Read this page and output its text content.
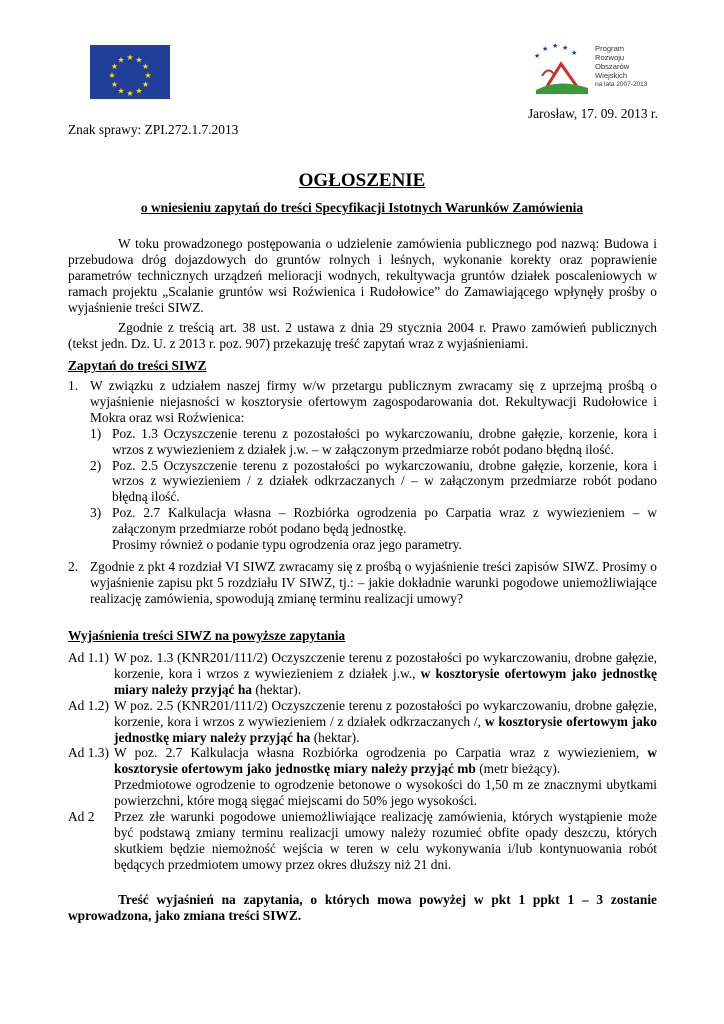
★ ★
★
★
★
★
★
★
★
★
★
★	★
★ ★ ★
★ Program
Rozwoju
Obszarów
Wiejskich
na lata 2007-2013
Jarosław, 17. 09. 2013 r.
Znak sprawy: ZPI.272.1.7.2013
OGŁOSZENIE
o wniesieniu zapytań do treści Specyfikacji Istotnych Warunków Zamówienia
W toku prowadzonego postępowania o udzielenie zamówienia publicznego pod nazwą: Budowa i przebudowa dróg dojazdowych do gruntów rolnych i leśnych, wykonanie korekty oraz poprawienie parametrów technicznych urządzeń melioracji wodnych, rekultywacja gruntów działek poscaleniowych w ramach projektu „Scalanie gruntów wsi Roźwienica i Rudołowice” do Zamawiającego wpłynęły prośby o wyjaśnienie treści SIWZ.
Zgodnie z treścią art. 38 ust. 2 ustawa z dnia 29 stycznia 2004 r. Prawo zamówień publicznych (tekst jedn. Dz. U. z 2013 r. poz. 907) przekazuję treść zapytań wraz z wyjaśnieniami.
Zapytań do treści SIWZ
1. W związku z udziałem naszej firmy w/w przetargu publicznym zwracamy się z uprzejmą prośbą o wyjaśnienie niejasności w kosztorysie ofertowym zagospodarowania dot. Rekultywacji Rudołowice i Mokra oraz wsi Roźwienica:
1) Poz. 1.3 Oczyszczenie terenu z pozostałości po wykarczowaniu, drobne gałęzie, korzenie, kora i wrzos z wywiezieniem z działek j.w. – w załączonym przedmiarze robót podano błędną ilość.
2) Poz. 2.5 Oczyszczenie terenu z pozostałości po wykarczowaniu, drobne gałęzie, korzenie, kora i wrzos z wywiezieniem / z działek odkrzaczanych / – w załączonym przedmiarze robót podano błędną ilość.
3) Poz. 2.7 Kalkulacja własna – Rozbiórka ogrodzenia po Carpatia wraz z wywiezieniem – w załączonym przedmiarze robót podano będą jednostkę.
Prosimy również o podanie typu ogrodzenia oraz jego parametry.
2. Zgodnie z pkt 4 rozdział VI SIWZ zwracamy się z prośbą o wyjaśnienie treści zapisów SIWZ. Prosimy o wyjaśnienie zapisu pkt 5 rozdziału IV SIWZ, tj.: – jakie dokładnie warunki pogodowe uniemożliwiające realizację zamówienia, spowodują zmianę terminu realizacji umowy?
Wyjaśnienia treści SIWZ na powyższe zapytania
Ad 1.1) W poz. 1.3 (KNR201/111/2) Oczyszczenie terenu z pozostałości po wykarczowaniu, drobne gałęzie, korzenie, kora i wrzos z wywiezieniem z działek j.w., w kosztorysie ofertowym jako jednostkę miary należy przyjąć ha (hektar).
Ad 1.2) W poz. 2.5 (KNR201/111/2) Oczyszczenie terenu z pozostałości po wykarczowaniu, drobne gałęzie, korzenie, kora i wrzos z wywiezieniem / z działek odkrzaczanych /, w kosztorysie ofertowym jako jednostkę miary należy przyjąć ha (hektar).
Ad 1.3) W poz. 2.7 Kalkulacja własna Rozbiórka ogrodzenia po Carpatia wraz z wywiezieniem, w kosztorysie ofertowym jako jednostkę miary należy przyjąć mb (metr bieżący).
Przedmiotowe ogrodzenie to ogrodzenie betonowe o wysokości do 1,50 m ze znacznymi ubytkami powierzchni, które mogą sięgać miejscami do 50% jego wysokości.
Ad 2	Przez złe warunki pogodowe uniemożliwiające realizację zamówienia, których wystąpienie może być podstawą zmiany terminu realizacji umowy należy rozumieć obfite opady deszczu, których skutkiem będzie niemożność wejścia w teren w celu wykonywania i/lub kontynuowania robót będących przedmiotem umowy przez okres dłuższy niż 21 dni.
Treść wyjaśnień na zapytania, o których mowa powyżej w pkt 1 ppkt 1 – 3 zostanie wprowadzona, jako zmiana treści SIWZ.
